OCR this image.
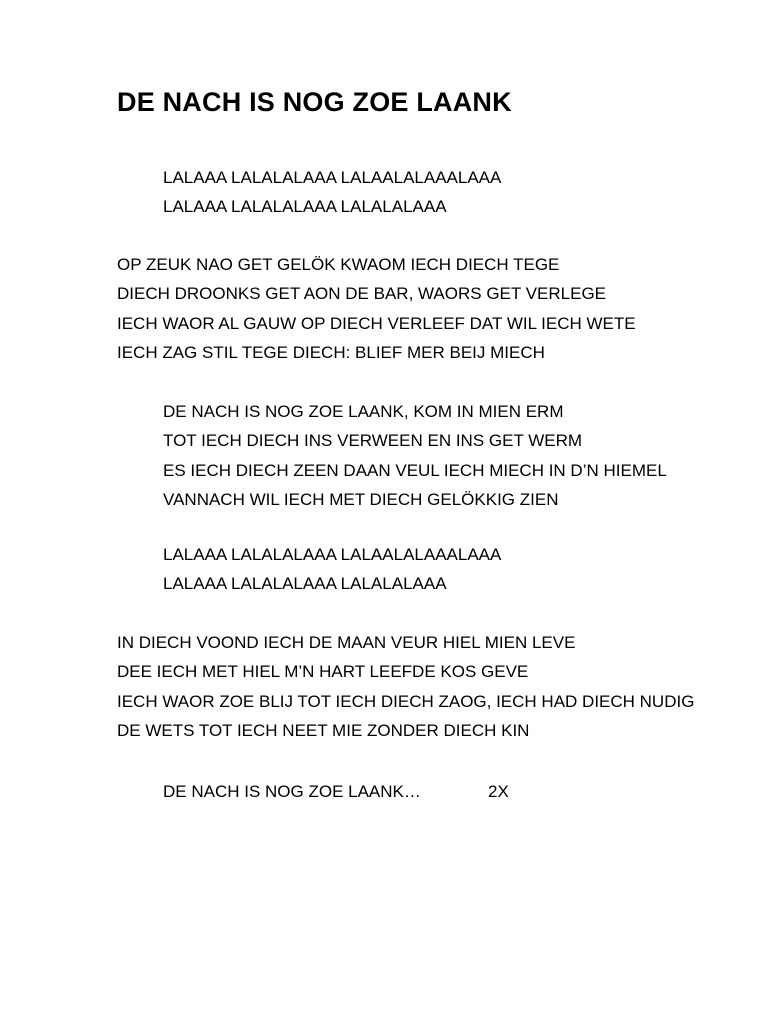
DE NACH IS NOG ZOE LAANK
LALAAA LALALALAAA LALAALALAAALAAA
LALAAA LALALALAAA LALALALAAA
OP ZEUK NAO GET GELÖK KWAOM IECH DIECH TEGE
DIECH DROONKS GET AON DE BAR, WAORS GET VERLEGE
IECH WAOR AL GAUW OP DIECH VERLEEF DAT WIL IECH WETE
IECH ZAG STIL TEGE DIECH: BLIEF MER BEIJ MIECH
DE NACH IS NOG ZOE LAANK, KOM IN MIEN ERM
TOT IECH DIECH INS VERWEEN EN INS GET WERM
ES IECH DIECH ZEEN DAAN VEUL IECH MIECH IN D’N HIEMEL
VANNACH WIL IECH MET DIECH GELÖKKIG ZIEN
LALAAA LALALALAAA LALAALALAAALAAA
LALAAA LALALALAAA LALALALAAA
IN DIECH VOOND IECH DE MAAN VEUR HIEL MIEN LEVE
DEE IECH MET HIEL M’N HART LEEFDE KOS GEVE
IECH WAOR ZOE BLIJ TOT IECH DIECH ZAOG, IECH HAD DIECH NUDIG
DE WETS TOT IECH NEET MIE ZONDER DIECH KIN
DE NACH IS NOG ZOE LAANK…	2X
